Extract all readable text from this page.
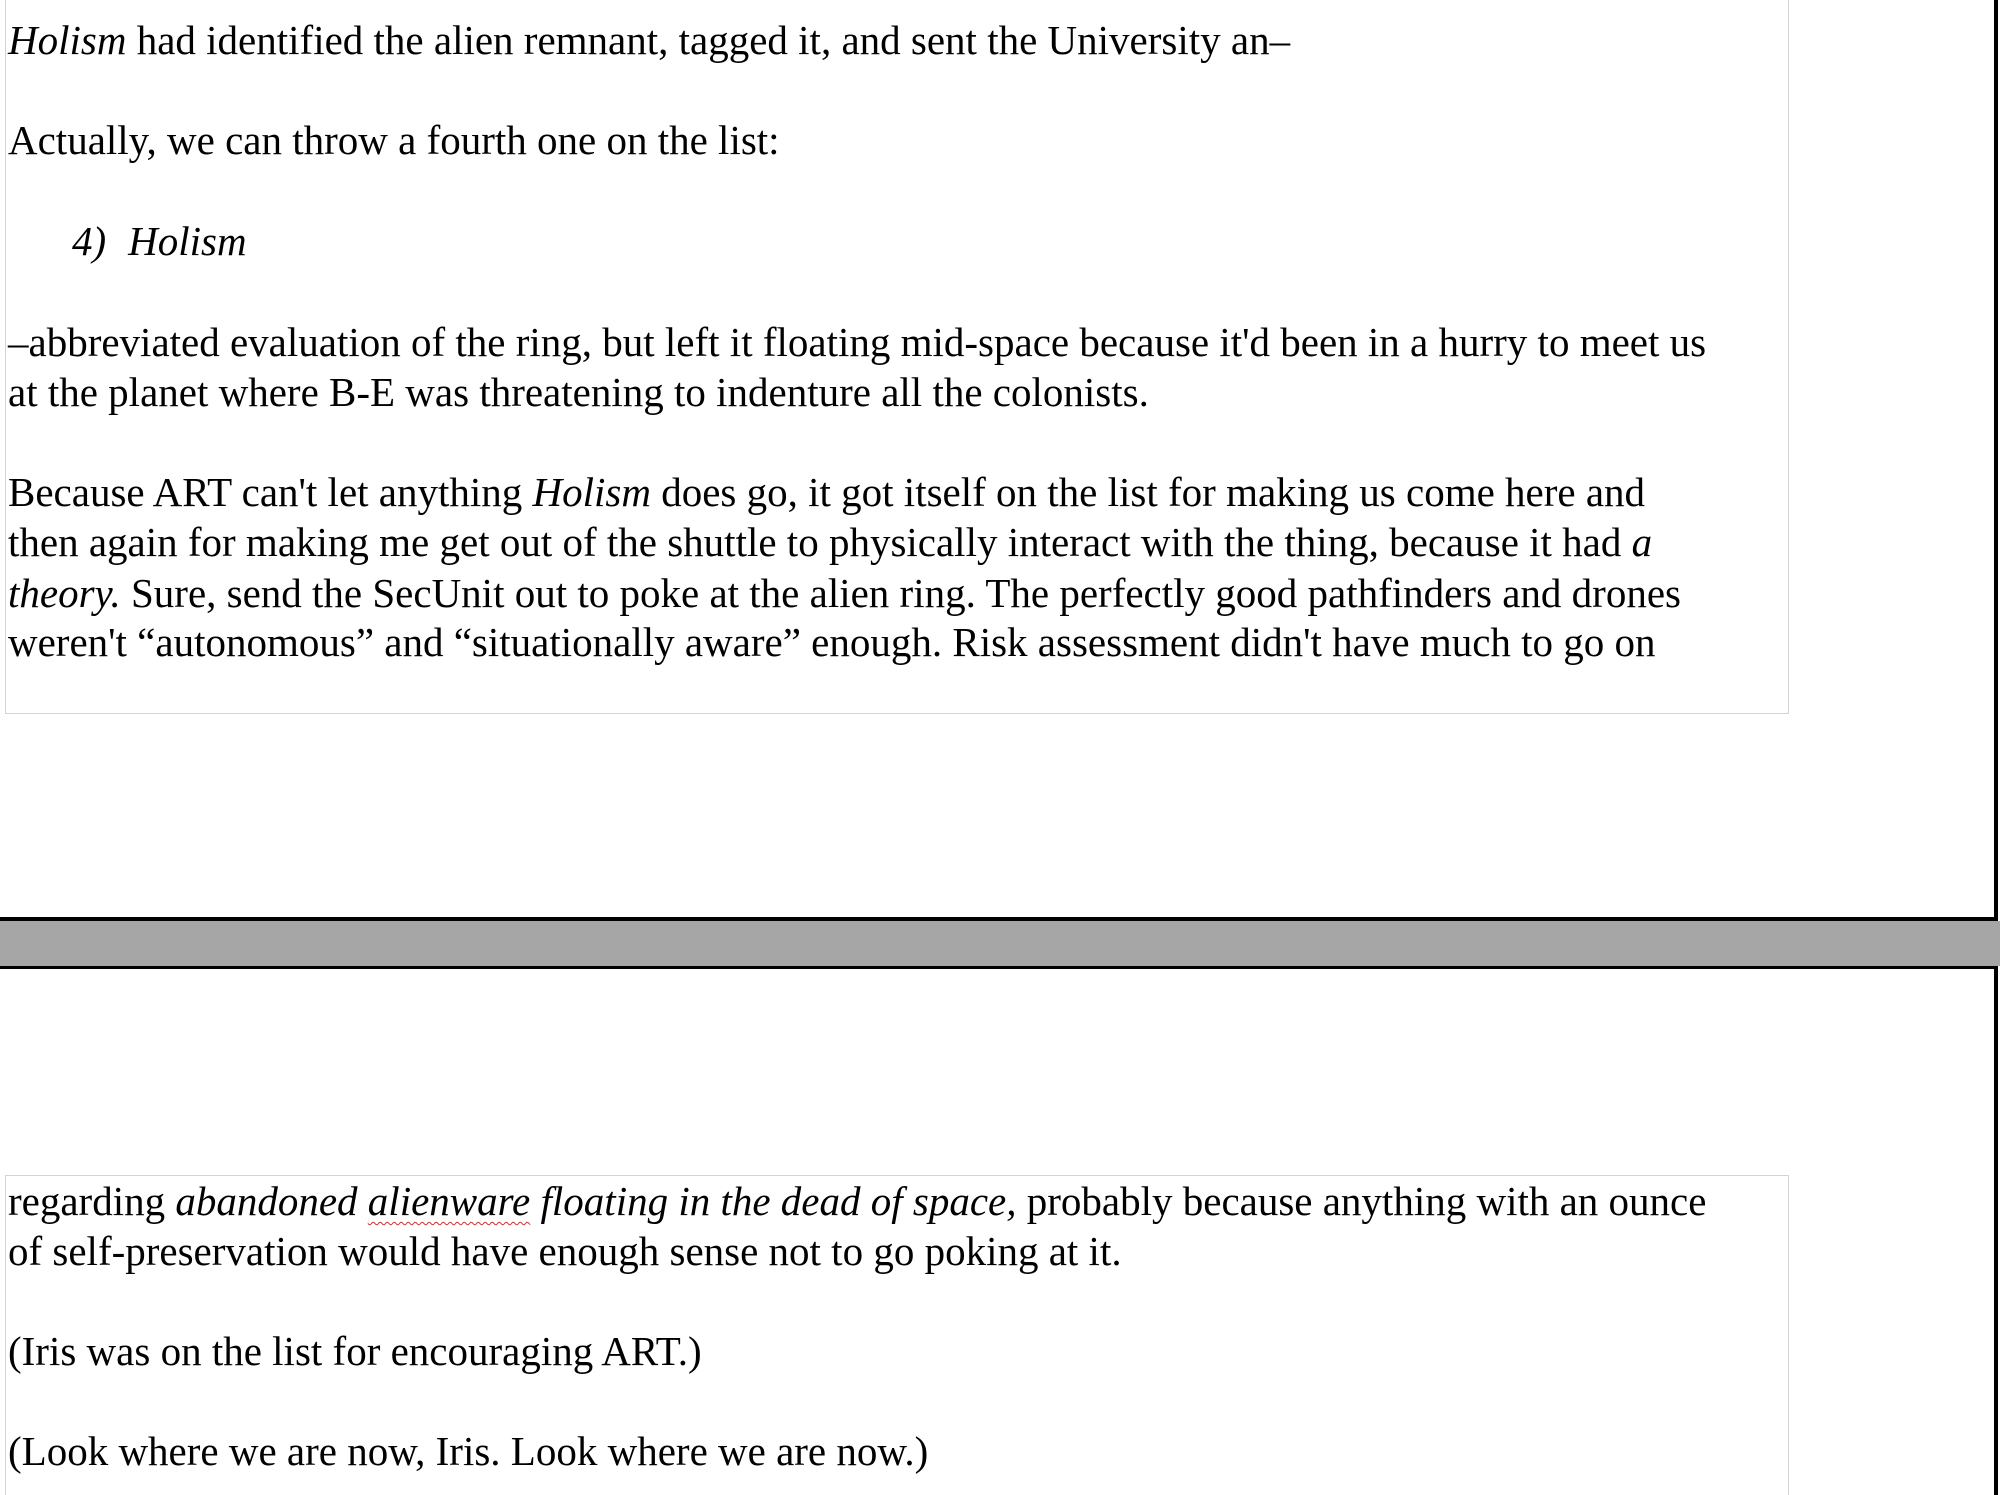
Holism had identified the alien remnant, tagged it, and sent the University an–
Actually, we can throw a fourth one on the list:
4) Holism
–abbreviated evaluation of the ring, but left it floating mid-space because it'd been in a hurry to meet us
at the planet where B-E was threatening to indenture all the colonists.
Because ART can't let anything Holism does go, it got itself on the list for making us come here and
then again for making me get out of the shuttle to physically interact with the thing, because it had a
theory. Sure, send the SecUnit out to poke at the alien ring. The perfectly good pathfinders and drones
weren't “autonomous” and “situationally aware” enough. Risk assessment didn't have much to go on
regarding abandoned alienware floating in the dead of space, probably because anything with an ounce
of self-preservation would have enough sense not to go poking at it.
(Iris was on the list for encouraging ART.)
(Look where we are now, Iris. Look where we are now.)
